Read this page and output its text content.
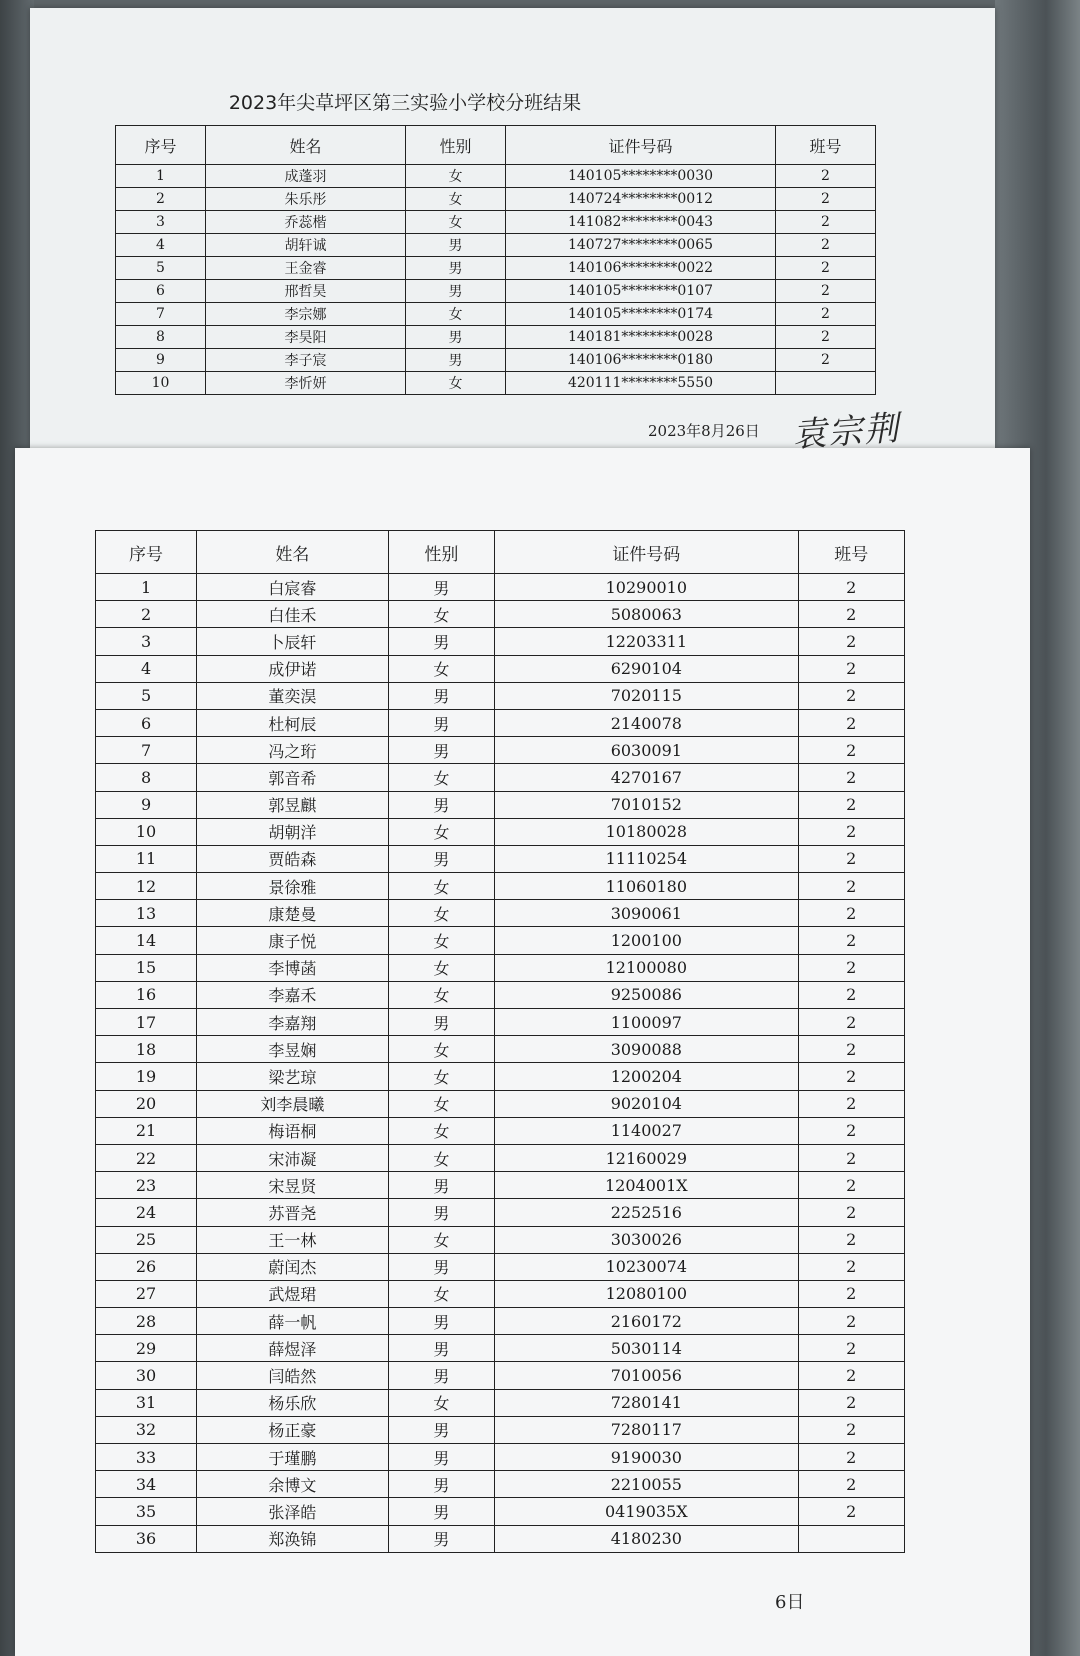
2023年尖草坪区第三实验小学校分班结果
序号	姓名	性别	证件号码	班号
1	成蓬羽	女	140105********0030	2
2	朱乐彤	女	140724********0012	2
3	乔蕊楷	女	141082********0043	2
4	胡轩诚	男	140727********0065	2
5	王金睿	男	140106********0022	2
6	邢哲昊	男	140105********0107	2
7	李宗娜	女	140105********0174	2
8	李昊阳	男	140181********0028	2
9	李子宸	男	140106********0180	2
10	李忻妍	女	420111********5550	
2023年8月26日 袁宗荆
序号	姓名	性别	证件号码	班号
1	白宸睿	男	10290010	2
2	白佳禾	女	5080063	2
3	卜辰轩	男	12203311	2
4	成伊诺	女	6290104	2
5	董奕淏	男	7020115	2
6	杜柯辰	男	2140078	2
7	冯之珩	男	6030091	2
8	郭音希	女	4270167	2
9	郭昱麒	男	7010152	2
10	胡朝洋	女	10180028	2
11	贾皓森	男	11110254	2
12	景徐雅	女	11060180	2
13	康楚曼	女	3090061	2
14	康子悦	女	1200100	2
15	李博菡	女	12100080	2
16	李嘉禾	女	9250086	2
17	李嘉翔	男	1100097	2
18	李昱娴	女	3090088	2
19	梁艺琼	女	1200204	2
20	刘李晨曦	女	9020104	2
21	梅语桐	女	1140027	2
22	宋沛凝	女	12160029	2
23	宋昱贤	男	1204001X	2
24	苏晋尧	男	2252516	2
25	王一林	女	3030026	2
26	蔚闰杰	男	10230074	2
27	武煜珺	女	12080100	2
28	薛一帆	男	2160172	2
29	薛煜泽	男	5030114	2
30	闫皓然	男	7010056	2
31	杨乐欣	女	7280141	2
32	杨正豪	男	7280117	2
33	于瑾鹏	男	9190030	2
34	余博文	男	2210055	2
35	张泽皓	男	0419035X	2
36	郑涣锦	男	4180230	
6日
